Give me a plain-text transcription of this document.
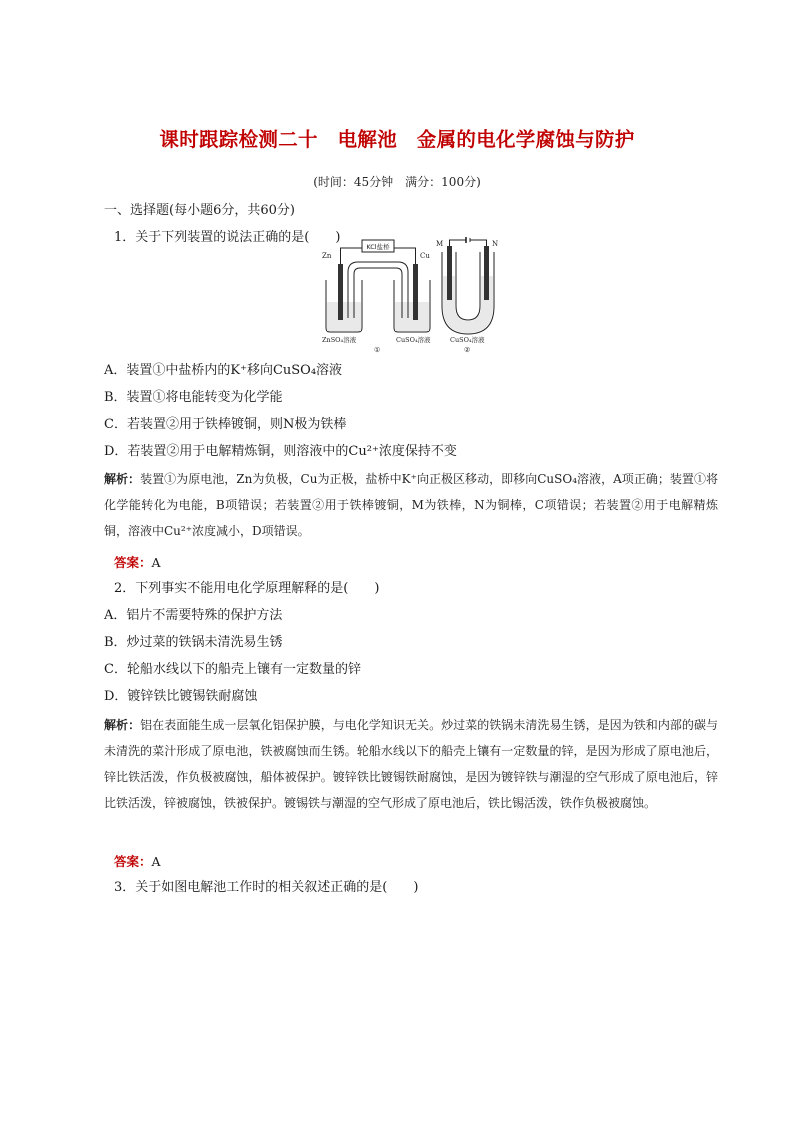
课时跟踪检测二十　电解池　金属的电化学腐蚀与防护
(时间：45分钟　满分：100分)
一、选择题(每小题6分，共60分)
1．关于下列装置的说法正确的是(　　)
KCl盐桥
Zn	Cu
ZnSO₄溶液	CuSO₄溶液
①
M	N
CuSO₄溶液
②
A．装置①中盐桥内的K⁺移向CuSO₄溶液
B．装置①将电能转变为化学能
C．若装置②用于铁棒镀铜，则N极为铁棒
D．若装置②用于电解精炼铜，则溶液中的Cu²⁺浓度保持不变
解析：装置①为原电池，Zn为负极，Cu为正极，盐桥中K⁺向正极区移动，即移向CuSO₄溶液，A项正确；装置①将化学能转化为电能，B项错误；若装置②用于铁棒镀铜，M为铁棒，N为铜棒，C项错误；若装置②用于电解精炼铜，溶液中Cu²⁺浓度减小，D项错误。
答案：A
2．下列事实不能用电化学原理解释的是(　　)
A．铝片不需要特殊的保护方法
B．炒过菜的铁锅未清洗易生锈
C．轮船水线以下的船壳上镶有一定数量的锌
D．镀锌铁比镀锡铁耐腐蚀
解析：铝在表面能生成一层氧化铝保护膜，与电化学知识无关。炒过菜的铁锅未清洗易生锈，是因为铁和内部的碳与未清洗的菜汁形成了原电池，铁被腐蚀而生锈。轮船水线以下的船壳上镶有一定数量的锌，是因为形成了原电池后，锌比铁活泼，作负极被腐蚀，船体被保护。镀锌铁比镀锡铁耐腐蚀，是因为镀锌铁与潮湿的空气形成了原电池后，锌比铁活泼，锌被腐蚀，铁被保护。镀锡铁与潮湿的空气形成了原电池后，铁比锡活泼，铁作负极被腐蚀。
答案：A
3．关于如图电解池工作时的相关叙述正确的是(　　)
